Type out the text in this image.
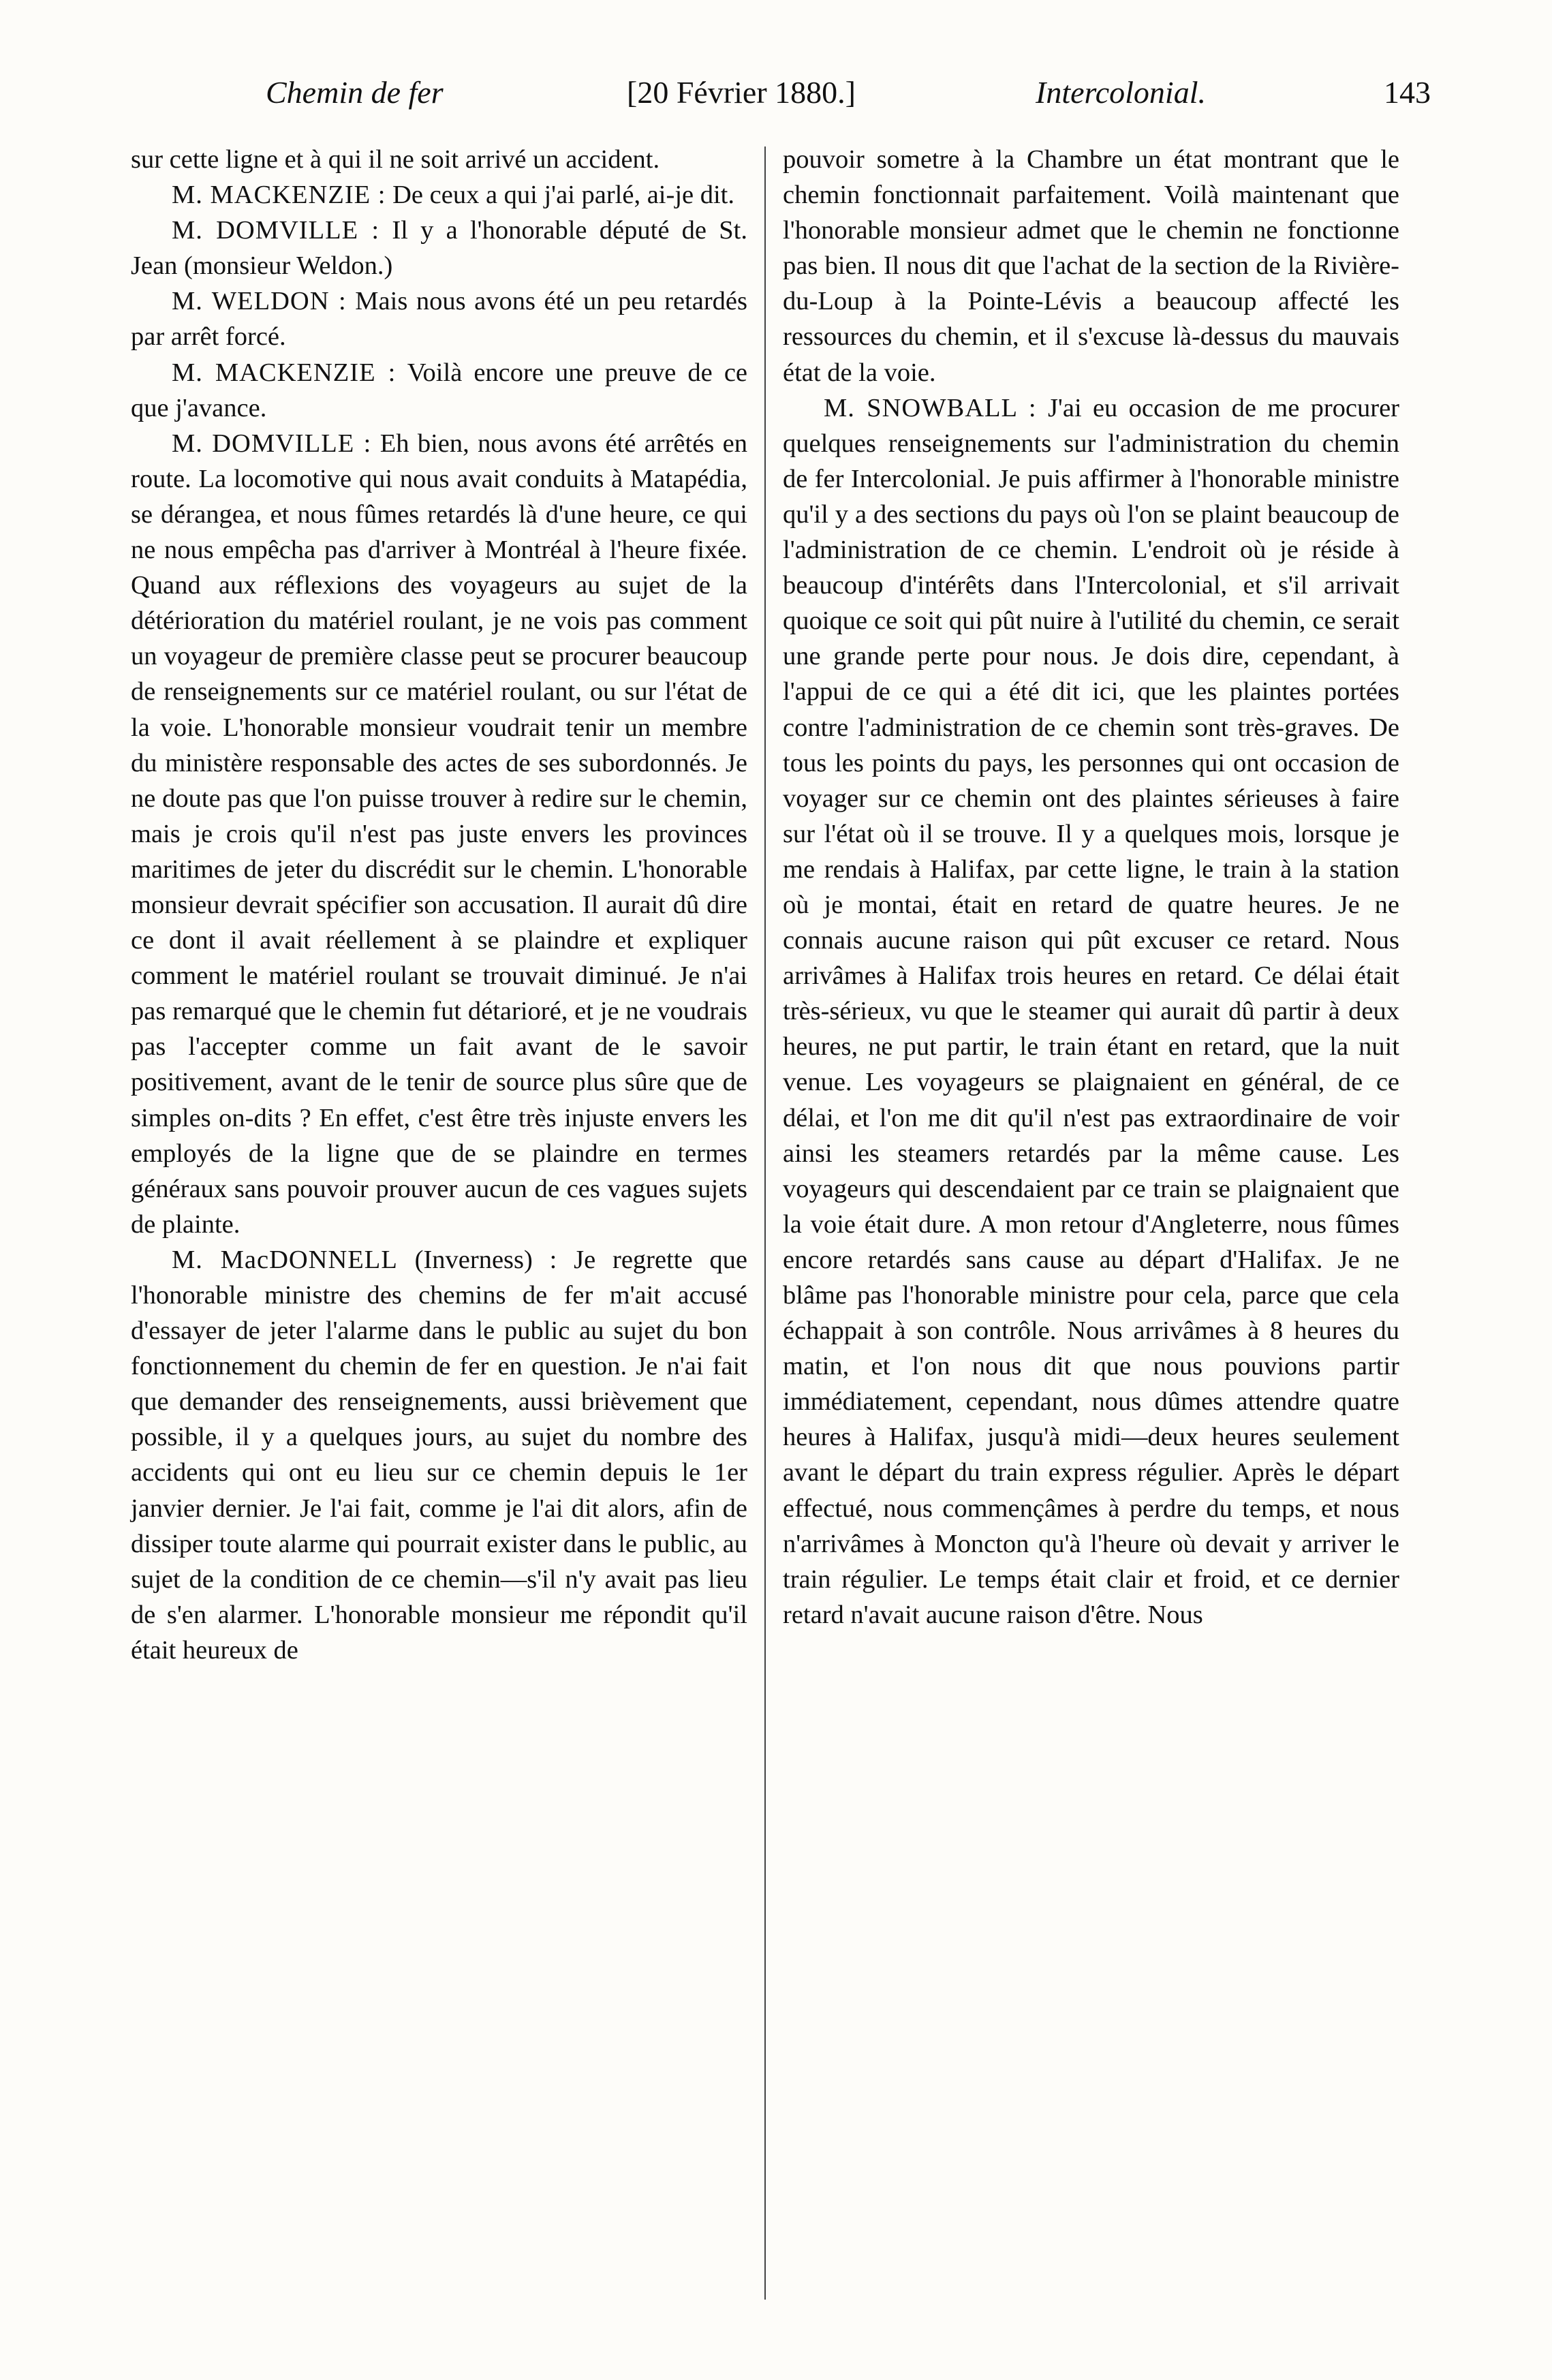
Chemin de fer	[20 Février 1880.]	Intercolonial.	143

sur cette ligne et à qui il ne soit arrivé un accident.

M. MACKENZIE : De ceux a qui j'ai parlé, ai-je dit.

M. DOMVILLE : Il y a l'honorable député de St. Jean (monsieur Weldon.)

M. WELDON : Mais nous avons été un peu retardés par arrêt forcé.

M. MACKENZIE : Voilà encore une preuve de ce que j'avance.

M. DOMVILLE : Eh bien, nous avons été arrêtés en route. La locomotive qui nous avait conduits à Matapédia, se dérangea, et nous fûmes retardés là d'une heure, ce qui ne nous empêcha pas d'arriver à Montréal à l'heure fixée. Quand aux réflexions des voyageurs au sujet de la détérioration du matériel roulant, je ne vois pas comment un voyageur de première classe peut se procurer beaucoup de renseignements sur ce matériel roulant, ou sur l'état de la voie. L'honorable monsieur voudrait tenir un membre du ministère responsable des actes de ses subordonnés. Je ne doute pas que l'on puisse trouver à redire sur le chemin, mais je crois qu'il n'est pas juste envers les provinces maritimes de jeter du discrédit sur le chemin. L'honorable monsieur devrait spécifier son accusation. Il aurait dû dire ce dont il avait réellement à se plaindre et expliquer comment le matériel roulant se trouvait diminué. Je n'ai pas remarqué que le chemin fut détarioré, et je ne voudrais pas l'accepter comme un fait avant de le savoir positivement, avant de le tenir de source plus sûre que de simples on-dits ? En effet, c'est être très injuste envers les employés de la ligne que de se plaindre en termes généraux sans pouvoir prouver aucun de ces vagues sujets de plainte.

M. MacDONNELL (Inverness) : Je regrette que l'honorable ministre des chemins de fer m'ait accusé d'essayer de jeter l'alarme dans le public au sujet du bon fonctionnement du chemin de fer en question. Je n'ai fait que demander des renseignements, aussi brièvement que possible, il y a quelques jours, au sujet du nombre des accidents qui ont eu lieu sur ce chemin depuis le 1er janvier dernier. Je l'ai fait, comme je l'ai dit alors, afin de dissiper toute alarme qui pourrait exister dans le public, au sujet de la condition de ce chemin—s'il n'y avait pas lieu de s'en alarmer. L'honorable monsieur me répondit qu'il était heureux de

pouvoir sometre à la Chambre un état montrant que le chemin fonctionnait parfaitement. Voilà maintenant que l'honorable monsieur admet que le chemin ne fonctionne pas bien. Il nous dit que l'achat de la section de la Rivière-du-Loup à la Pointe-Lévis a beaucoup affecté les ressources du chemin, et il s'excuse là-dessus du mauvais état de la voie.

M. SNOWBALL : J'ai eu occasion de me procurer quelques renseignements sur l'administration du chemin de fer Intercolonial. Je puis affirmer à l'honorable ministre qu'il y a des sections du pays où l'on se plaint beaucoup de l'administration de ce chemin. L'endroit où je réside à beaucoup d'intérêts dans l'Intercolonial, et s'il arrivait quoique ce soit qui pût nuire à l'utilité du chemin, ce serait une grande perte pour nous. Je dois dire, cependant, à l'appui de ce qui a été dit ici, que les plaintes portées contre l'administration de ce chemin sont très-graves. De tous les points du pays, les personnes qui ont occasion de voyager sur ce chemin ont des plaintes sérieuses à faire sur l'état où il se trouve. Il y a quelques mois, lorsque je me rendais à Halifax, par cette ligne, le train à la station où je montai, était en retard de quatre heures. Je ne connais aucune raison qui pût excuser ce retard. Nous arrivâmes à Halifax trois heures en retard. Ce délai était très-sérieux, vu que le steamer qui aurait dû partir à deux heures, ne put partir, le train étant en retard, que la nuit venue. Les voyageurs se plaignaient en général, de ce délai, et l'on me dit qu'il n'est pas extraordinaire de voir ainsi les steamers retardés par la même cause. Les voyageurs qui descendaient par ce train se plaignaient que la voie était dure. A mon retour d'Angleterre, nous fûmes encore retardés sans cause au départ d'Halifax. Je ne blâme pas l'honorable ministre pour cela, parce que cela échappait à son contrôle. Nous arrivâmes à 8 heures du matin, et l'on nous dit que nous pouvions partir immédiatement, cependant, nous dûmes attendre quatre heures à Halifax, jusqu'à midi—deux heures seulement avant le départ du train express régulier. Après le départ effectué, nous commençâmes à perdre du temps, et nous n'arrivâmes à Moncton qu'à l'heure où devait y arriver le train régulier. Le temps était clair et froid, et ce dernier retard n'avait aucune raison d'être. Nous
